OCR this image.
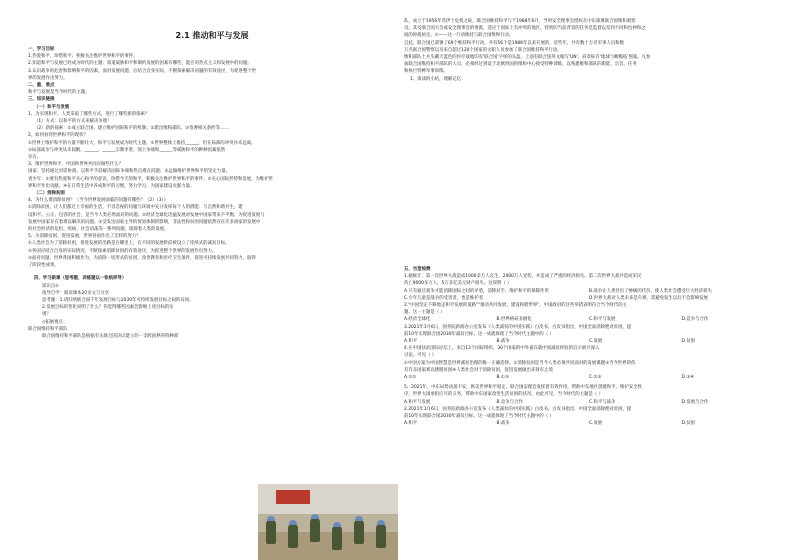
2.1 推动和平与发展
一、学习目标
1.热爱和平，珍惜和平；积极关注维护世界和平的事件。
2.知道和平与发展已经成为时代的主题；知道威胁和平和制约发展的因素有哪些，能应对热点主义和发展中的问题。
3.认识战争的危害和影响和平的因素，面对发展问题，应结合自身实际，不断探索解决问题的有效途径，为促进整个世
界的发展作出努力。
二、重、难点
和平与发展是当今时代的主题。
三、知识链接
（一）和平与发展
1、为实现和平，人类采取了哪些方式，进行了哪些新的探索？
（1）方式：以和平的方式来解决争端！
（2）新的探索：①成立联合国，建立维护国际和平的机制；②派出维和部队；③签署相关条约等……
2、如何看待世界和平的现状？
①世界上维护和平的力量不断壮大，和平与发展成为时代主题，②世界整体上推持______，但在局部的冲突并未远离。
③局部战争与冲突从未间断。______、______宗教矛盾、领土争端和______等威胁和平的种种因素依然
存在。
3、维护世界和平，中国和世界共同应做些什么？
国家：坚持通过对话协商、以和平手段解决国际争端和热点难点问题；永远做维护世界和平的坚定力量。
青少年：①要有热爱和平关心和平的意识，珍惜今天的和平，积极关注维护世界和平的事件；②关心国际形势和发展，为维护世
界和平作出贡献。④在日常生活中养成和平的习惯，努力学习，为国家建设贡献力量。
（二）消除贫困
4、为什么要消除贫困？（当今世界发展面临的问题有哪些？（2）（3））
①消除贫困，让人们都过上幸福的生活，不容忽视的问题与环境中充分发挥每个人的潜能：与自然和谐共生，建
设和平、公正、包容的社会，是当今人类必然面对的问题。②经济全球化迅猛发展对发展中国家带来不平衡，为促进发展与
发展中国家存在着难以解决的问题。③受发达国家主导的贸易体制的影响，非法性和贫困问题依然存在许多国家的发展中
的社会经济的危机、疾病、社会动荡等一系列问题，阻碍着人类的发展。
5、为消除贫困、促进发展，世界各国作出了怎样的努力？
①人类社会为了消除贫困，促进发展的出路是在哪里上，在不同的发展阶段被设立了连续式的减贫目标。
②各国应结合自身的实际情况，不断探索消除贫困的有效途径，为促进整个世界的发展作出努力。
③面对问题，世界各国积极作为，为消除一切形式的贫困，改善教育和医疗卫生条件，促进可持续发展共同努力，取得
了阶段性成果。
四、学习新课（思考题、训练题以一张纸样导）
知识点①
指导自学：阅读课本20页文与分享
思考题：1.请归纳联合国千年发展目标与2030年可持续发展目标之间的异同。
2.发展目标的变化说明了什么？你觉得哪些因素会影响上述目标的实
现？
◇拓展视点：
联合国维持和平部队
联合国维持和平部队是根据有关联合国决议建立的一支跨国界的特种部
队，成立于1956年苏伊士危机之际，联合国维持和平与于1988年6月，当时安全理事会授权在中东部署联合国维和观察
员。其受联合国大会或安全理事会的委派，适应于国际上有冲突的地区，特别的当前背景的任务是监督以及到不同和包仲和之
间的停战协定。①——这一行动维持与联合国维和行动。
自此，联合国已部署了69个维持和平行动，共有56个是1988年以来开展的，近些年，共有数十万名军事人员和数
万名联合国警察以及来自超过120个国家的文职人员参加了联合国维持和平行动。
维和部队士兵头戴天蓝色的医疗战地印有'联合国'字样的头盔，上面有联合国英文缩写'UN'，肩章标有'地球与橄榄枝'图案。凡参
加联合国维持和平部队的人员，必须经过到设于北欧四国的维和中心接受特种训练，以熟悉维和部队的职能、宗旨、任务
和执行特种军事训练。
1、谈谈的小结，理解记忆：
五、当堂检测
1.据统计，第一次世界大战造成1000多万人丧生，2000万人受伤，并造成了严重的经济损失。第二次世界大战共造成军民
伤亡9000多万人，5万多亿美元财产损失。这说明（ ）
A.只有通过战争才能消除国际之间的矛盾，消除对手，维护和平的保障作用	B.战争让人类付出了惨痛的代价，使人类社会遭受巨大经济损失
C.少年儿童是战争的受害者，也是维护者	D.世界大战对人类未来是灾难，需避免发生以后不会影响发展
2."中国坚定不移地走和平发展的道路""推动共同发展、建设和谐世界"，中国政府的这些举措表明符合当今时代的主
题。这一主题是（ ）
A.经济全球化	B.世界格局多极化	C.和平与发展	D.竞争与合作
3.2021年1月6日，国务院新闻办公室发布《人类减贫的中国实践》白皮书，白皮书指出，中国全面消除绝对贫困，提
前10年实现联合国2030年减贫目标，这一成就体现了当今时代主题中的（ ）
A.和平	B.战争	C.发展	D.贫困
4.在中国扶贫国际论坛上，来自13个国际组织、30个国家的中外嘉宾就中国减贫经验的启示展开深入
讨论。可见（ ）
①中国方案为中国智慧是世界减贫治理的唯一正确选择。②消除贫困是当今人类必须共同面对的发展课题③当今世界的伤
有许多国家难以摆脱贫困④人类社会对于消除贫困，促进发展做出来效有止境
A.①②	B.①③	C.②③	D.③④
5、2021年，中东局势动荡不安，欧美世界和平稳定。联合国安理会发挥着有效作用，帮助中东地区创建和平、维护安全秩
序，世界大国承担应尽的义务，帮助中东国家改变生活贫困的状况，由此可见，当今时代的主题是（ ）
A.和平与发展	B.竞争与合作	C.和平与战争	D.发展与合作
2.2021年1月6日，国务院新闻办公室发布《人类减贫的中国实践》白皮书。白皮书指出，中国全面消除绝对贫困，提
前10年实现联合国2030年减贫目标，这一成就体现了当今时代主题中的（ ）
A.和平	B.战争	C.发展	D.贫困
